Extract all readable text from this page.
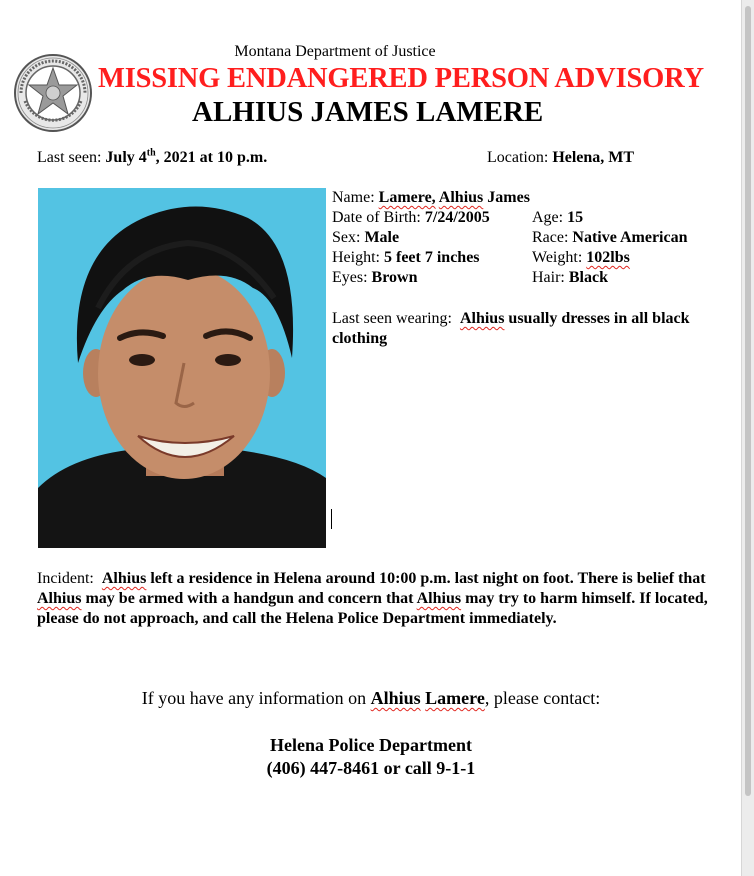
Montana Department of Justice
MISSING ENDANGERED PERSON ADVISORY
ALHIUS JAMES LAMERE
Last seen: July 4th, 2021 at 10 p.m.	Location: Helena, MT
Name: Lamere, Alhius James
Date of Birth: 7/24/2005	Age: 15
Sex: Male	Race: Native American
Height: 5 feet 7 inches	Weight: 102lbs
Eyes: Brown	Hair: Black
Last seen wearing: Alhius usually dresses in all black clothing
Incident:  Alhius left a residence in Helena around 10:00 p.m. last night on foot. There is belief that Alhius may be armed with a handgun and concern that Alhius may try to harm himself. If located, please do not approach, and call the Helena Police Department immediately.
If you have any information on Alhius Lamere, please contact:
Helena Police Department
(406) 447-8461 or call 9-1-1
